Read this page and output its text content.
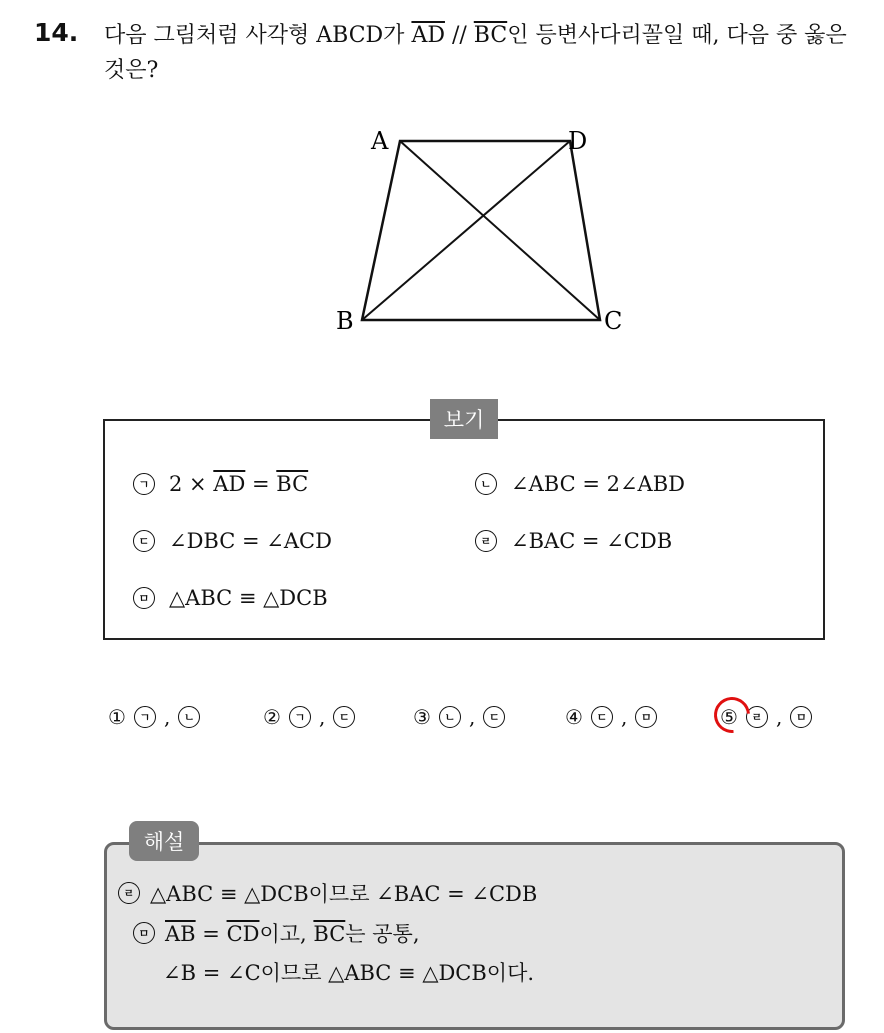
14. 다음 그림처럼 사각형 ABCD가 $\overline{AD} // \overline{BC}$인 등변사다리꼴일 때, 다음 중 옳은 것은?
A	D
B	C
보기
ㄱ $2 \times \overline{AD} = \overline{BC}$	ㄴ ∠ABC = 2∠ABD
ㄷ ∠DBC = ∠ACD	ㄹ ∠BAC = ∠CDB
ㅁ △ABC ≡ △DCB
①	ㄱ ,	ㄴ	②	ㄱ ,	ㄷ	③	ㄴ ,	ㄷ	④	ㄷ ,	ㅁ	⑤	ㄹ ,	ㅁ
해설
ㄹ △ABC ≡ △DCB이므로 ∠BAC = ∠CDB
ㅁ $\overline{AB} = \overline{CD}$이고, $\overline{BC}$는 공통,
∠B = ∠C이므로 △ABC ≡ △DCB이다.
